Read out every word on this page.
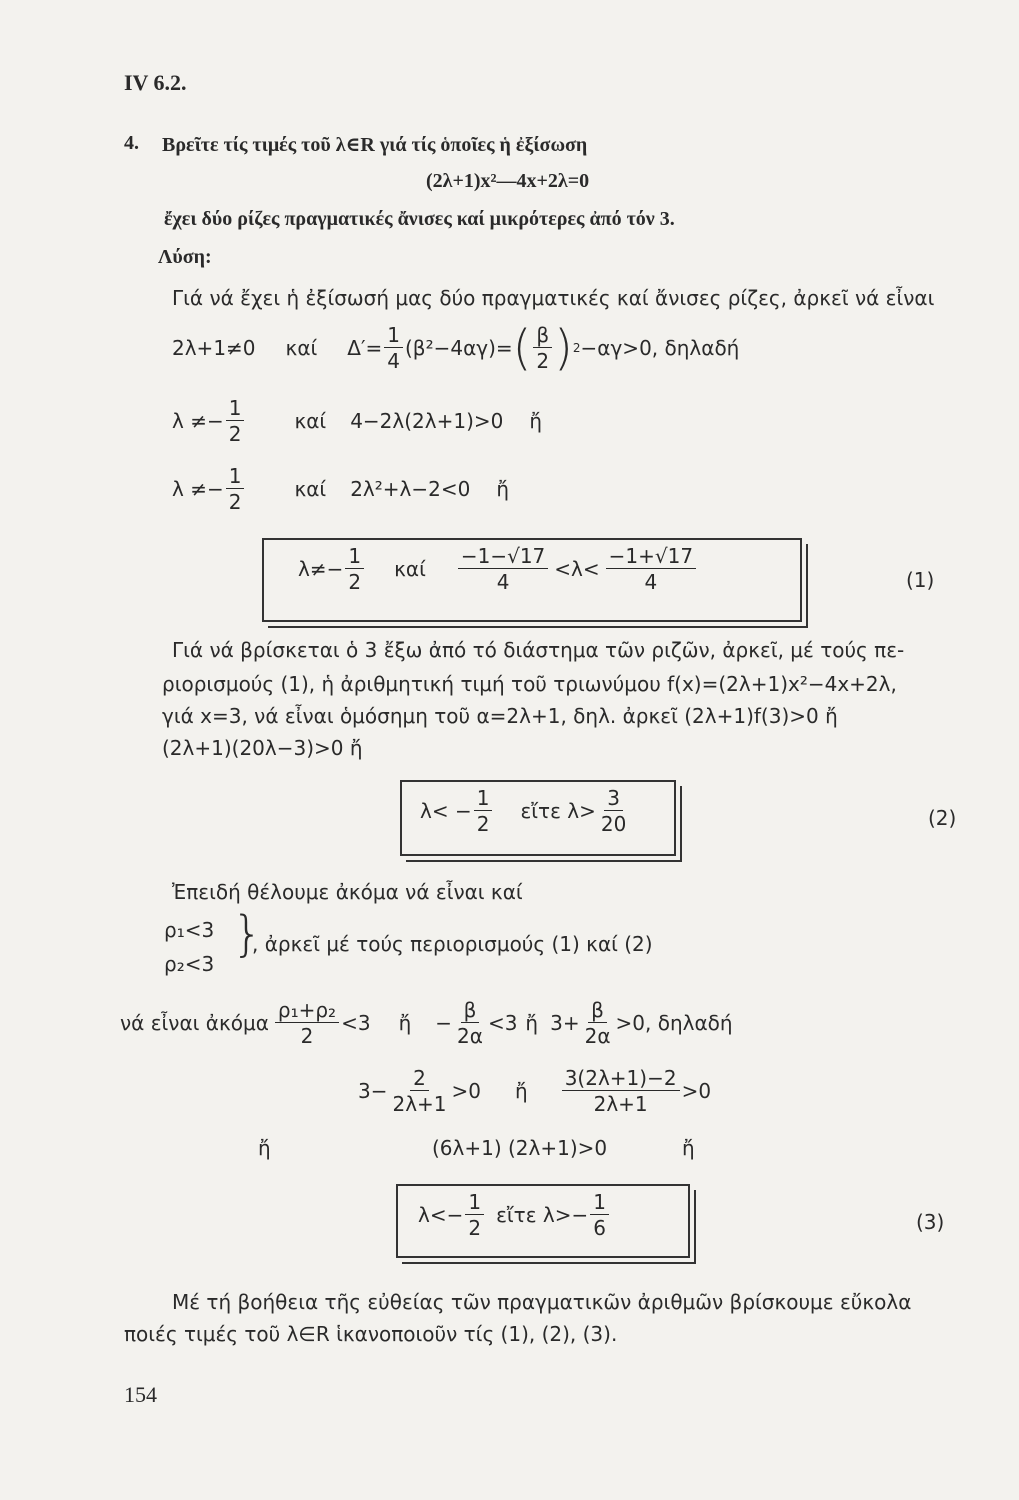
IV 6.2.
4. Βρεῖτε τίς τιμές τοῦ λ∈R γιά τίς ὁποῖες ἡ ἐξίσωση
(2λ+1)x²—4x+2λ=0
ἔχει δύο ρίζες πραγματικές ἄνισες καί μικρότερες ἀπό τόν 3.
Λύση:
Γιά νά ἔχει ἡ ἐξίσωσή μας δύο πραγματικές καί ἄνισες ρίζες, ἀρκεῖ νά εἶναι
2λ+1≠0 καί $\Delta'= \frac{1}{4} (\beta^2-4\alpha\gamma)=$ ( $\frac{\beta}{2}$ ) 2 −αγ>0, δηλαδή
$\lambda \ne- \frac{1}{2}$	καί 4−2λ(2λ+1)>0 ἤ
$\lambda \ne- \frac{1}{2}$	καί 2λ²+λ−2<0 ἤ
$\lambda\ne- \frac{1}{2}$ καί $\frac{-1-√17}{4} <\lambda< \frac{-1+√17}{4}$	(1)
Γιά νά βρίσκεται ὁ 3 ἔξω ἀπό τό διάστημα τῶν ριζῶν, ἀρκεῖ, μέ τούς πε-
ριορισμούς (1), ἡ ἀριθμητική τιμή τοῦ τριωνύμου f(x)=(2λ+1)x²−4x+2λ,
γιά x=3, νά εἶναι ὁμόσημη τοῦ α=2λ+1, δηλ. ἀρκεῖ (2λ+1)f(3)>0 ἤ
(2λ+1)(20λ−3)>0 ἤ
$\lambda< - \frac{1}{2}$ εἴτε $\lambda> \frac{3}{20}$	(2)
Ἐπειδή θέλουμε ἀκόμα νά εἶναι καί
ρ₁<3
ρ₂<3
}
, ἀρκεῖ μέ τούς περιορισμούς (1) καί (2)
νά εἶναι ἀκόμα $\frac{\text{ρ₁+ρ₂}}{2} <3$ ἤ − $\frac{\beta}{2\alpha} <3$ ἤ $3+ \frac{\beta}{2\alpha} >0$, δηλαδή
$3- \frac{2}{2\lambda+1} >0$ ἤ $\frac{3(2\lambda+1)-2}{2\lambda+1} >0$
ἤ	(6λ+1) (2λ+1)>0	ἤ
$\lambda<- \frac{1}{2}$ εἴτε $\lambda>- \frac{1}{6}$	(3)
Μέ τή βοήθεια τῆς εὐθείας τῶν πραγματικῶν ἀριθμῶν βρίσκουμε εὔκολα
ποιές τιμές τοῦ λ∈R ἱκανοποιοῦν τίς (1), (2), (3).
154
